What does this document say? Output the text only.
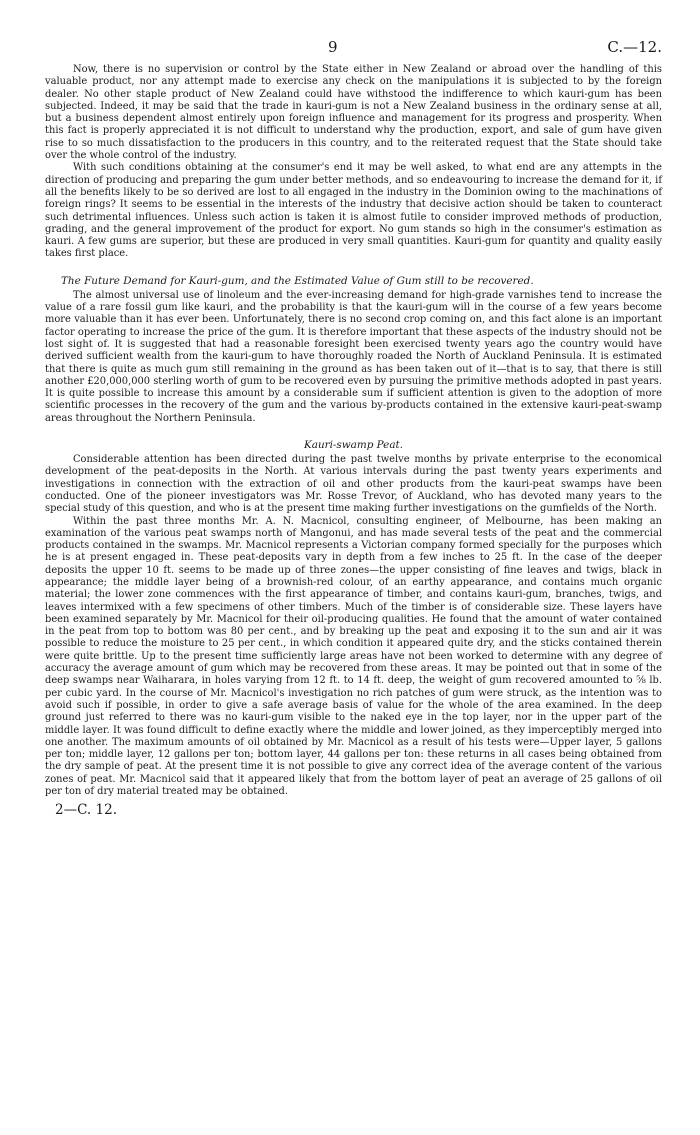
9	C.—12.

Now, there is no supervision or control by the State either in New Zealand or abroad over the handling of this valuable product, nor any attempt made to exercise any check on the manipulations it is subjected to by the foreign dealer. No other staple product of New Zealand could have withstood the indifference to which kauri-gum has been subjected. Indeed, it may be said that the trade in kauri-gum is not a New Zealand business in the ordinary sense at all, but a business dependent almost entirely upon foreign influence and management for its progress and prosperity. When this fact is properly appreciated it is not difficult to understand why the production, export, and sale of gum have given rise to so much dissatisfaction to the producers in this country, and to the reiterated request that the State should take over the whole control of the industry.

With such conditions obtaining at the consumer's end it may be well asked, to what end are any attempts in the direction of producing and preparing the gum under better methods, and so endeavouring to increase the demand for it, if all the benefits likely to be so derived are lost to all engaged in the industry in the Dominion owing to the machinations of foreign rings? It seems to be essential in the interests of the industry that decisive action should be taken to counteract such detrimental influences. Unless such action is taken it is almost futile to consider improved methods of production, grading, and the general improvement of the product for export. No gum stands so high in the consumer's estimation as kauri. A few gums are superior, but these are produced in very small quantities. Kauri-gum for quantity and quality easily takes first place.

The Future Demand for Kauri-gum, and the Estimated Value of Gum still to be recovered.

The almost universal use of linoleum and the ever-increasing demand for high-grade varnishes tend to increase the value of a rare fossil gum like kauri, and the probability is that the kauri-gum will in the course of a few years become more valuable than it has ever been. Unfortunately, there is no second crop coming on, and this fact alone is an important factor operating to increase the price of the gum. It is therefore important that these aspects of the industry should not be lost sight of. It is suggested that had a reasonable foresight been exercised twenty years ago the country would have derived sufficient wealth from the kauri-gum to have thoroughly roaded the North of Auckland Peninsula. It is estimated that there is quite as much gum still remaining in the ground as has been taken out of it—that is to say, that there is still another £20,000,000 sterling worth of gum to be recovered even by pursuing the primitive methods adopted in past years. It is quite possible to increase this amount by a considerable sum if sufficient attention is given to the adoption of more scientific processes in the recovery of the gum and the various by-products contained in the extensive kauri-peat-swamp areas throughout the Northern Peninsula.

Kauri-swamp Peat.

Considerable attention has been directed during the past twelve months by private enterprise to the economical development of the peat-deposits in the North. At various intervals during the past twenty years experiments and investigations in connection with the extraction of oil and other products from the kauri-peat swamps have been conducted. One of the pioneer investigators was Mr. Rosse Trevor, of Auckland, who has devoted many years to the special study of this question, and who is at the present time making further investigations on the gumfields of the North.

Within the past three months Mr. A. N. Macnicol, consulting engineer, of Melbourne, has been making an examination of the various peat swamps north of Mangonui, and has made several tests of the peat and the commercial products contained in the swamps. Mr. Macnicol represents a Victorian company formed specially for the purposes which he is at present engaged in. These peat-deposits vary in depth from a few inches to 25 ft. In the case of the deeper deposits the upper 10 ft. seems to be made up of three zones—the upper consisting of fine leaves and twigs, black in appearance; the middle layer being of a brownish-red colour, of an earthy appearance, and contains much organic material; the lower zone commences with the first appearance of timber, and contains kauri-gum, branches, twigs, and leaves intermixed with a few specimens of other timbers. Much of the timber is of considerable size. These layers have been examined separately by Mr. Macnicol for their oil-producing qualities. He found that the amount of water contained in the peat from top to bottom was 80 per cent., and by breaking up the peat and exposing it to the sun and air it was possible to reduce the moisture to 25 per cent., in which condition it appeared quite dry, and the sticks contained therein were quite brittle. Up to the present time sufficiently large areas have not been worked to determine with any degree of accuracy the average amount of gum which may be recovered from these areas. It may be pointed out that in some of the deep swamps near Waiharara, in holes varying from 12 ft. to 14 ft. deep, the weight of gum recovered amounted to ⅝ lb. per cubic yard. In the course of Mr. Macnicol's investigation no rich patches of gum were struck, as the intention was to avoid such if possible, in order to give a safe average basis of value for the whole of the area examined. In the deep ground just referred to there was no kauri-gum visible to the naked eye in the top layer, nor in the upper part of the middle layer. It was found difficult to define exactly where the middle and lower joined, as they imperceptibly merged into one another. The maximum amounts of oil obtained by Mr. Macnicol as a result of his tests were—Upper layer, 5 gallons per ton; middle layer, 12 gallons per ton; bottom layer, 44 gallons per ton: these returns in all cases being obtained from the dry sample of peat. At the present time it is not possible to give any correct idea of the average content of the various zones of peat. Mr. Macnicol said that it appeared likely that from the bottom layer of peat an average of 25 gallons of oil per ton of dry material treated may be obtained.

2—C. 12.
